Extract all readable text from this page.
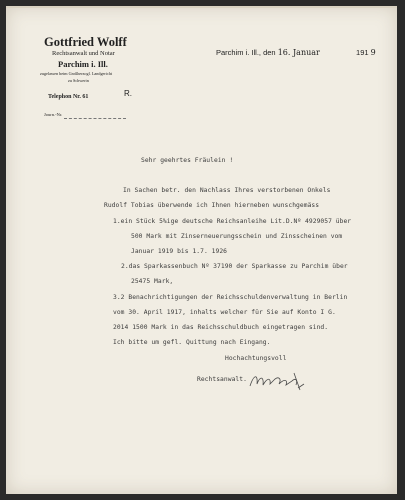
Gottfried Wolff
Rechtsanwalt und Notar
Parchim i. Ill.
zugelassen beim Großherzogl. Landgericht
zu Schwerin
Telephon Nr. 61	R.
Journ.-Nr.
Parchim i. Ill., den 16. Januar	191 9
Sehr geehrtes Fräulein !
In Sachen betr. den Nachlass Ihres verstorbenen Onkels
Rudolf Tobias überwende ich Ihnen hierneben wunschgemäss
1.ein Stück 5%ige deutsche Reichsanleihe Lit.D.Nº 4929057 über
500 Mark mit Zinserneuerungsschein und Zinsscheinen vom
Januar 1919 bis 1.7. 1926
2.das Sparkassenbuch Nº 37190 der Sparkasse zu Parchim über
25475 Mark,
3.2 Benachrichtigungen der Reichsschuldenverwaltung in Berlin
vom 30. April 1917, inhalts welcher für Sie auf Konto I G.
2014 1500 Mark in das Reichsschuldbuch eingetragen sind.
Ich bitte um gefl. Quittung nach Eingang.
Hochachtungsvoll
Rechtsanwalt.
